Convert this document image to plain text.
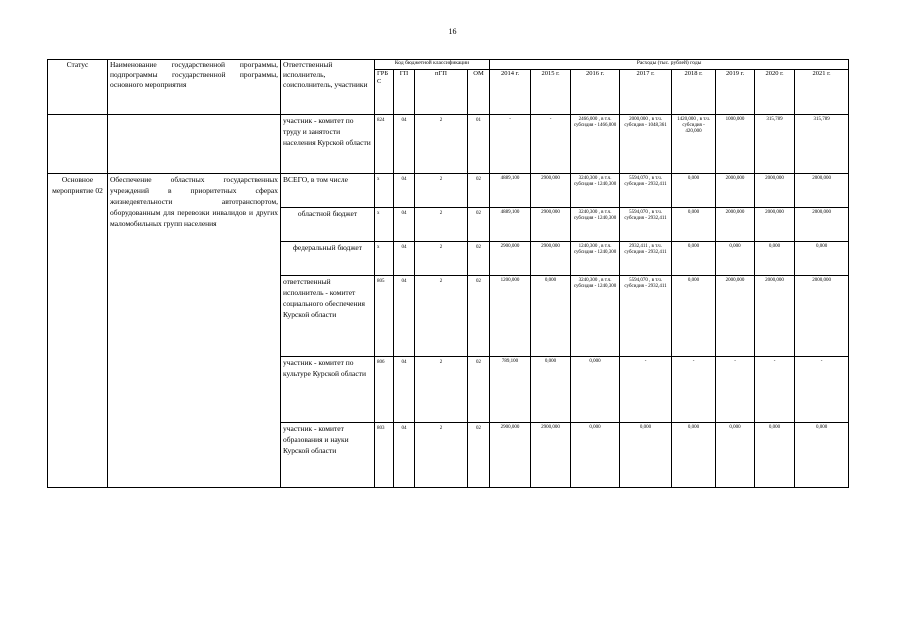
16
Статус	Наименование государственной программы, подпрограммы государственной программы, основного мероприятия	Ответственный исполнитель, соисполнитель, участники	Код бюджетной классификации				Расходы (тыс. рублей) годы							
			ГРБ С	ГП	пГП	ОМ	2014 г.	2015 г.	2016 г.	2017 г.	2018 г.	2019 г.	2020 г.	2021 г.
		участник - комитет по труду и занятости населения Курской области	824	04	2	01	-	-	2466,000 , в т.ч. субсидия - 1466,000	2000,000 , в т.ч. субсидия - 1048,361	1420,000 , в т.ч. субсидия - 420,000	1000,000	315,789	315,789
Основное мероприятие 02	Обеспечение областных государственных учреждений в приоритетных сферах жизнедеятельности автотранспортом, оборудованным для перевозки инвалидов и других маломобильных групп населения	ВСЕГО, в том числе	х	04	2	02	4889,100	2900,000	3240,300 , в т.ч. субсидия - 1240,300	5594,070 , в т.ч. субсидия - 2932,411	0,000	2000,000	2000,000	2000,000
		областной бюджет	х	04	2	02	4889,100	2900,000	3240,300 , в т.ч. субсидия - 1240,300	5594,070 , в т.ч. субсидия - 2932,411	0,000	2000,000	2000,000	2000,000
		федеральный бюджет	х	04	2	02	2900,000	2900,000	1240,300 , в т.ч. субсидия - 1240,300	2932,411 , в т.ч. субсидия - 2932,411	0,000	0,000	0,000	0,000
		ответственный исполнитель - комитет социального обеспечения Курской области	805	04	2	02	1200,000	0,000	3240,300 , в т.ч. субсидия - 1240,300	5594,070 , в т.ч. субсидия - 2932,411	0,000	2000,000	2000,000	2000,000
		участник - комитет по культуре Курской области	806	04	2	02	789,100	0,000	0,000	-	-	-	-	-
		участник - комитет образования и науки Курской области	803	04	2	02	2900,000	2900,000	0,000	0,000	0,000	0,000	0,000	0,000
